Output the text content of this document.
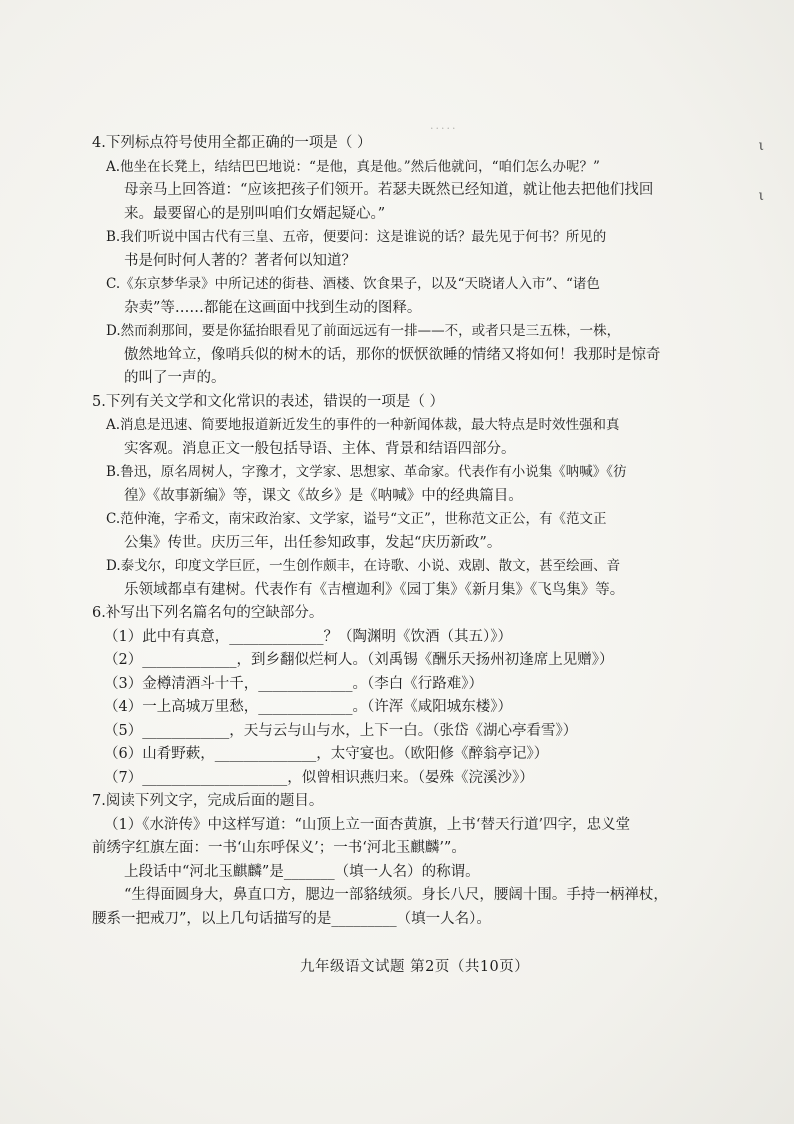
·····
ι
ι
4.下列标点符号使用全都正确的一项是（ ）
A.他坐在长凳上，结结巴巴地说：“是他，真是他。”然后他就问，“咱们怎么办呢？”
母亲马上回答道：“应该把孩子们领开。若瑟夫既然已经知道，就让他去把他们找回
来。最要留心的是别叫咱们女婿起疑心。”
B.我们听说中国古代有三皇、五帝，便要问：这是谁说的话？最先见于何书？所见的
书是何时何人著的？著者何以知道？
C.《东京梦华录》中所记述的街巷、酒楼、饮食果子，以及“天晓诸人入市”、“诸色
杂卖”等……都能在这画面中找到生动的图释。
D.然而刹那间，要是你猛抬眼看见了前面远远有一排——不，或者只是三五株，一株，
傲然地耸立，像哨兵似的树木的话，那你的恹恹欲睡的情绪又将如何！我那时是惊奇
的叫了一声的。
5.下列有关文学和文化常识的表述，错误的一项是（ ）
A.消息是迅速、简要地报道新近发生的事件的一种新闻体裁，最大特点是时效性强和真
实客观。消息正文一般包括导语、主体、背景和结语四部分。
B.鲁迅，原名周树人，字豫才，文学家、思想家、革命家。代表作有小说集《呐喊》《彷
徨》《故事新编》等，课文《故乡》是《呐喊》中的经典篇目。
C.范仲淹，字希文，南宋政治家、文学家，谥号“文正”，世称范文正公，有《范文正
公集》传世。庆历三年，出任参知政事，发起“庆历新政”。
D.泰戈尔，印度文学巨匠，一生创作颇丰，在诗歌、小说、戏剧、散文，甚至绘画、音
乐领域都卓有建树。代表作有《吉檀迦利》《园丁集》《新月集》《飞鸟集》等。
6.补写出下列名篇名句的空缺部分。
（1）此中有真意，_____________？（陶渊明《饮酒（其五）》）
（2）_____________，到乡翻似烂柯人。（刘禹锡《酬乐天扬州初逢席上见赠》）
（3）金樽清酒斗十千，_____________。（李白《行路难》）
（4）一上高城万里愁，_____________。（许浑《咸阳城东楼》）
（5）____________，天与云与山与水，上下一白。（张岱《湖心亭看雪》）
（6）山肴野蔌，______________，太守宴也。（欧阳修《醉翁亭记》）
（7）____________________，似曾相识燕归来。（晏殊《浣溪沙》）
7.阅读下列文字，完成后面的题目。
（1）《水浒传》中这样写道：“山顶上立一面杏黄旗，上书‘替天行道’四字，忠义堂
前绣字红旗左面：一书‘山东呼保义’；一书‘河北玉麒麟’”。
上段话中“河北玉麒麟”是_______（填一人名）的称谓。
“生得面圆身大，鼻直口方，腮边一部貉绒须。身长八尺，腰阔十围。手持一柄禅杖，
腰系一把戒刀”，以上几句话描写的是_________（填一人名）。
九年级语文试题 第2页（共10页）
